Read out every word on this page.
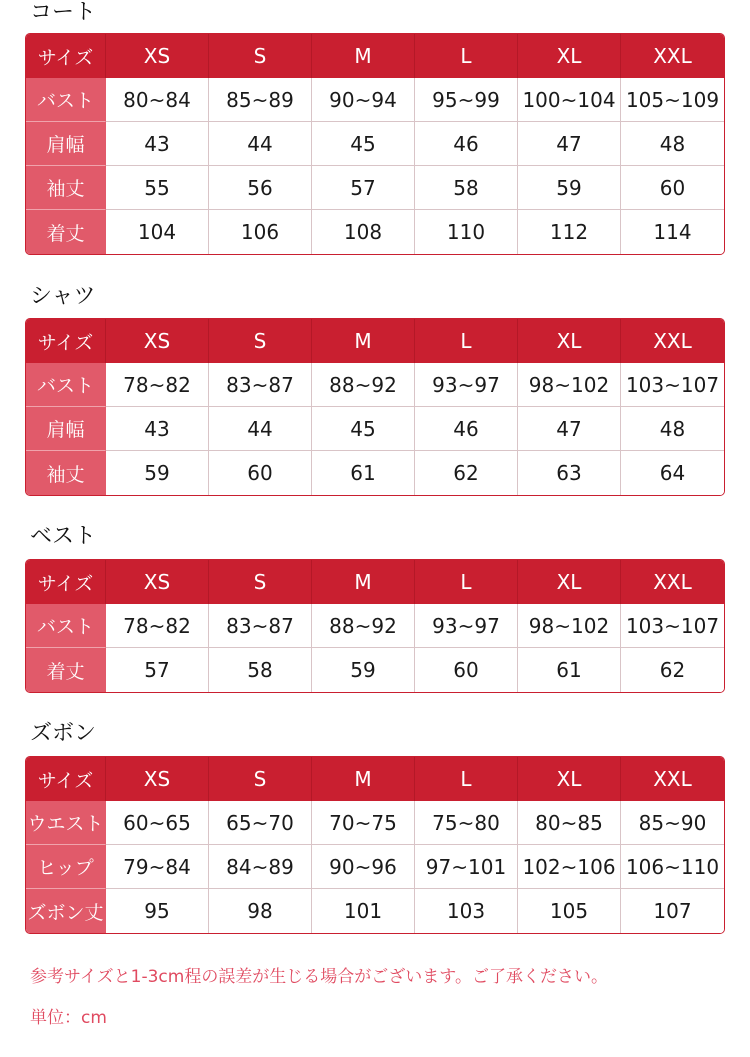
コート
サイズ	XS	S	M	L	XL	XXL
バスト	80~84	85~89	90~94	95~99	100~104	105~109
肩幅	43	44	45	46	47	48
袖丈	55	56	57	58	59	60
着丈	104	106	108	110	112	114
シャツ
サイズ	XS	S	M	L	XL	XXL
バスト	78~82	83~87	88~92	93~97	98~102	103~107
肩幅	43	44	45	46	47	48
袖丈	59	60	61	62	63	64
ベスト
サイズ	XS	S	M	L	XL	XXL
バスト	78~82	83~87	88~92	93~97	98~102	103~107
着丈	57	58	59	60	61	62
ズボン
サイズ	XS	S	M	L	XL	XXL
ウエスト	60~65	65~70	70~75	75~80	80~85	85~90
ヒップ	79~84	84~89	90~96	97~101	102~106	106~110
ズボン丈	95	98	101	103	105	107
参考サイズと1-3cm程の誤差が生じる場合がございます。ご了承ください。
単位：cm
